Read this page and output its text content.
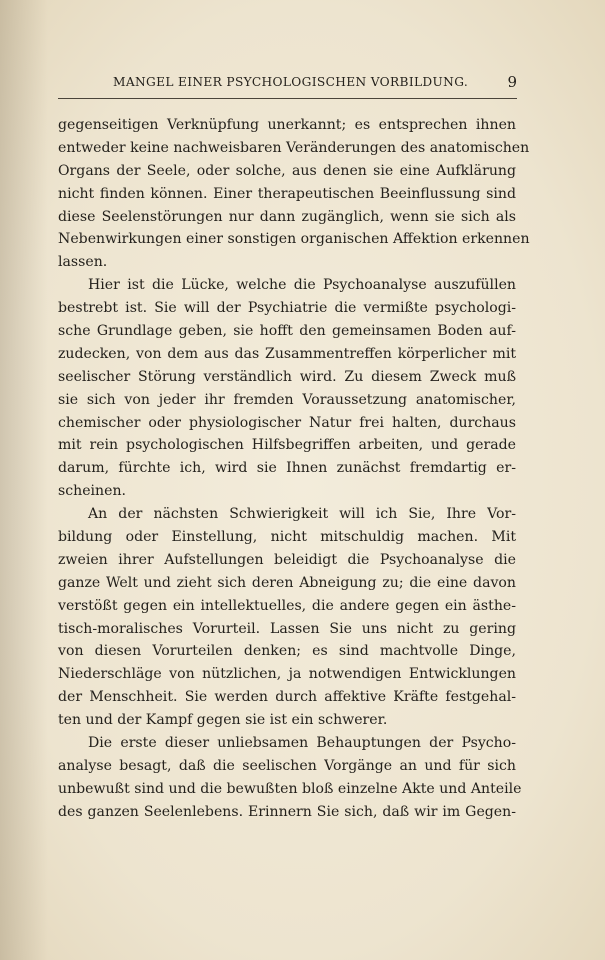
MANGEL EINER PSYCHOLOGISCHEN VORBILDUNG.	9
gegenseitigen Verknüpfung unerkannt; es entsprechen ihnen
entweder keine nachweisbaren Veränderungen des anatomischen
Organs der Seele, oder solche, aus denen sie eine Aufklärung
nicht finden können. Einer therapeutischen Beeinflussung sind
diese Seelenstörungen nur dann zugänglich, wenn sie sich als
Nebenwirkungen einer sonstigen organischen Affektion erkennen
lassen.
Hier ist die Lücke, welche die Psychoanalyse auszufüllen
bestrebt ist. Sie will der Psychiatrie die vermißte psychologi-
sche Grundlage geben, sie hofft den gemeinsamen Boden auf-
zudecken, von dem aus das Zusammentreffen körperlicher mit
seelischer Störung verständlich wird. Zu diesem Zweck muß
sie sich von jeder ihr fremden Voraussetzung anatomischer,
chemischer oder physiologischer Natur frei halten, durchaus
mit rein psychologischen Hilfsbegriffen arbeiten, und gerade
darum, fürchte ich, wird sie Ihnen zunächst fremdartig er-
scheinen.
An der nächsten Schwierigkeit will ich Sie, Ihre Vor-
bildung oder Einstellung, nicht mitschuldig machen. Mit
zweien ihrer Aufstellungen beleidigt die Psychoanalyse die
ganze Welt und zieht sich deren Abneigung zu; die eine davon
verstößt gegen ein intellektuelles, die andere gegen ein ästhe-
tisch-moralisches Vorurteil. Lassen Sie uns nicht zu gering
von diesen Vorurteilen denken; es sind machtvolle Dinge,
Niederschläge von nützlichen, ja notwendigen Entwicklungen
der Menschheit. Sie werden durch affektive Kräfte festgehal-
ten und der Kampf gegen sie ist ein schwerer.
Die erste dieser unliebsamen Behauptungen der Psycho-
analyse besagt, daß die seelischen Vorgänge an und für sich
unbewußt sind und die bewußten bloß einzelne Akte und Anteile
des ganzen Seelenlebens. Erinnern Sie sich, daß wir im Gegen-
